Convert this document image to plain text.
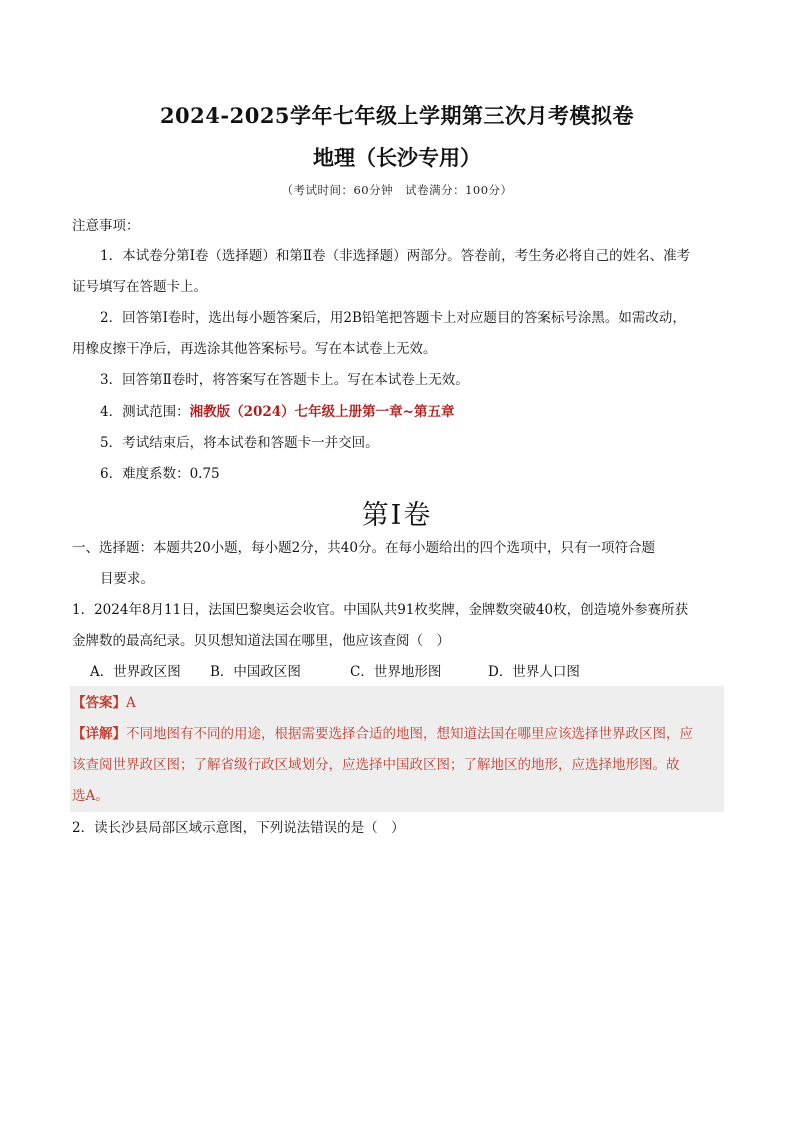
2024-2025学年七年级上学期第三次月考模拟卷
地理（长沙专用）
（考试时间：60分钟　试卷满分：100分）
注意事项：
1．本试卷分第Ⅰ卷（选择题）和第Ⅱ卷（非选择题）两部分。答卷前，考生务必将自己的姓名、准考
证号填写在答题卡上。
2．回答第Ⅰ卷时，选出每小题答案后，用2B铅笔把答题卡上对应题目的答案标号涂黑。如需改动，
用橡皮擦干净后，再选涂其他答案标号。写在本试卷上无效。
3．回答第Ⅱ卷时，将答案写在答题卡上。写在本试卷上无效。
4．测试范围：湘教版（2024）七年级上册第一章~第五章
5．考试结束后，将本试卷和答题卡一并交回。
6．难度系数：0.75
第Ⅰ卷
一、选择题：本题共20小题，每小题2分，共40分。在每小题给出的四个选项中，只有一项符合题
目要求。
1．2024年8月11日，法国巴黎奥运会收官。中国队共91枚奖牌，金牌数突破40枚，创造境外参赛所获
金牌数的最高纪录。贝贝想知道法国在哪里，他应该查阅（　）
A．世界政区图 B．中国政区图	C．世界地形图	D．世界人口图
【答案】A
【详解】不同地图有不同的用途，根据需要选择合适的地图，想知道法国在哪里应该选择世界政区图，应
该查阅世界政区图；了解省级行政区域划分，应选择中国政区图；了解地区的地形，应选择地形图。故
选A。
2．读长沙县局部区域示意图，下列说法错误的是（　）
